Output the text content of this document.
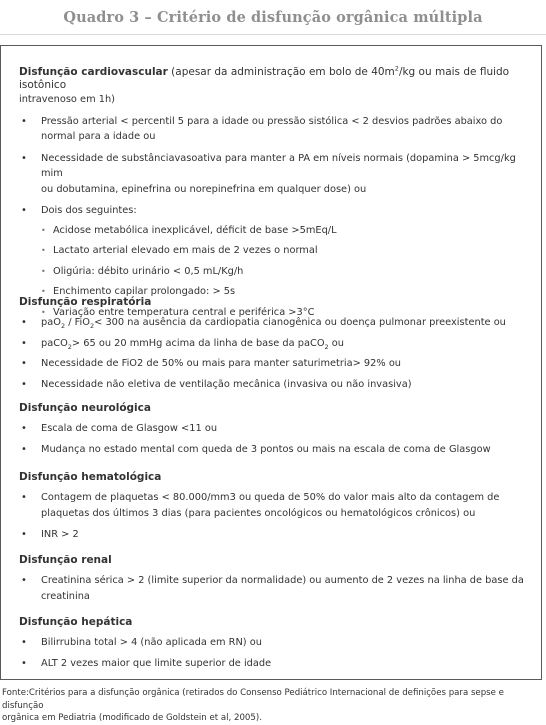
Quadro 3 – Critério de disfunção orgânica múltipla
Disfunção cardiovascular (apesar da administração em bolo de $40m^2/kg$ ou mais de fluido isotônico
intravenoso em 1h)
• Pressão arterial < percentil 5 para a idade ou pressão sistólica < 2 desvios padrões abaixo do
normal para a idade ou
• Necessidade de substânciavasoativa para manter a PA em níveis normais (dopamina > 5mcg/kg mim
ou dobutamina, epinefrina ou norepinefrina em qualquer dose) ou
• Dois dos seguintes:
• Acidose metabólica inexplicável, déficit de base >5mEq/L
• Lactato arterial elevado em mais de 2 vezes o normal
• Oligúria: débito urinário < 0,5 mL/Kg/h
• Enchimento capilar prolongado: > 5s
• Variação entre temperatura central e periférica >3°C
Disfunção respiratória
• paO$_2$ / FiO$_2$< 300 na ausência da cardiopatia cianogênica ou doença pulmonar preexistente ou
• paCO$_2$> 65 ou 20 mmHg acima da linha de base da paCO$_2$ ou
• Necessidade de FiO2 de 50% ou mais para manter saturimetria> 92% ou
• Necessidade não eletiva de ventilação mecânica (invasiva ou não invasiva)
Disfunção neurológica
• Escala de coma de Glasgow <11 ou
• Mudança no estado mental com queda de 3 pontos ou mais na escala de coma de Glasgow
Disfunção hematológica
• Contagem de plaquetas < 80.000/mm3 ou queda de 50% do valor mais alto da contagem de
plaquetas dos últimos 3 dias (para pacientes oncológicos ou hematológicos crônicos) ou
• INR > 2
Disfunção renal
• Creatinina sérica > 2 (limite superior da normalidade) ou aumento de 2 vezes na linha de base da
creatinina
Disfunção hepática
• Bilirrubina total > 4 (não aplicada em RN) ou
• ALT 2 vezes maior que limite superior de idade
Fonte:Critérios para a disfunção orgânica (retirados do Consenso Pediátrico Internacional de definições para sepse e disfunção
orgânica em Pediatria (modificado de Goldstein et al, 2005).
